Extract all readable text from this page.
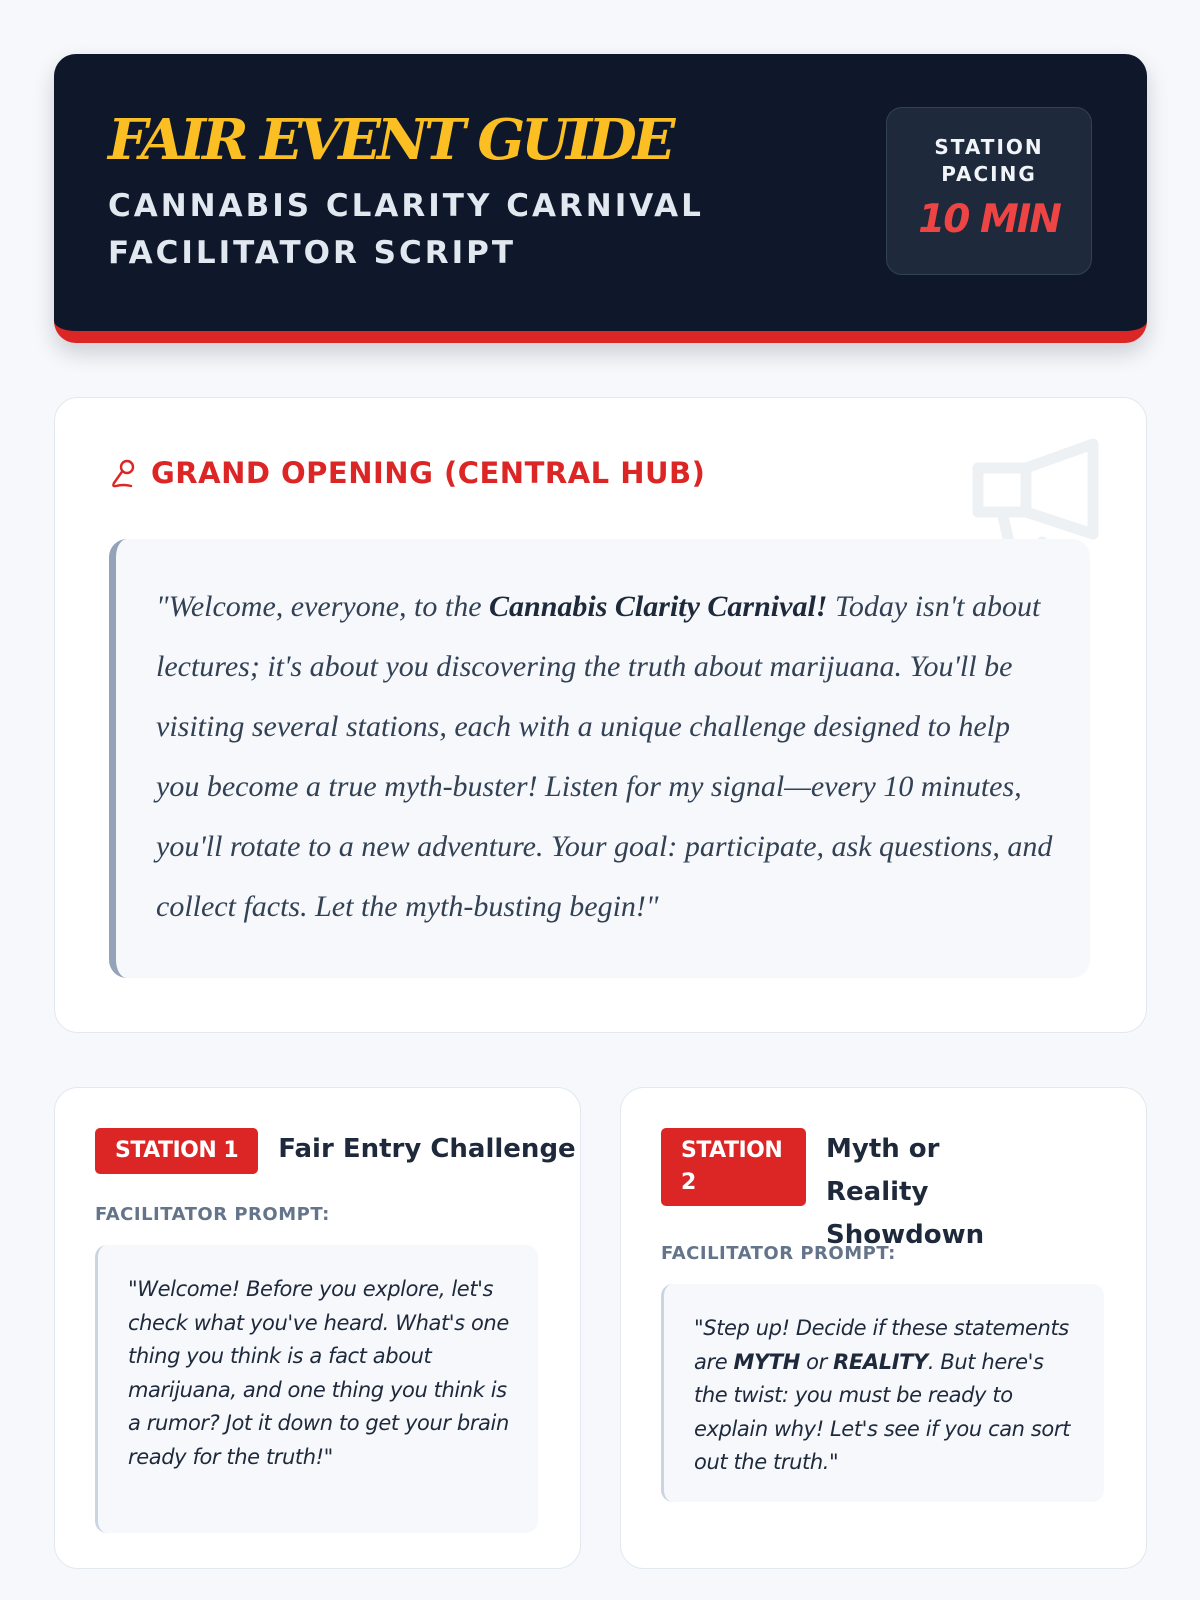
FAIR EVENT GUIDE
CANNABIS CLARITY CARNIVAL
FACILITATOR SCRIPT
STATION
PACING
10 MIN
GRAND OPENING (CENTRAL HUB)

"Welcome, everyone, to the Cannabis Clarity Carnival! Today isn't about lectures; it's about you discovering the truth about marijuana. You'll be visiting several stations, each with a unique challenge designed to help you become a true myth-buster! Listen for my signal—every 10 minutes, you'll rotate to a new adventure. Your goal: participate, ask questions, and collect facts. Let the myth-busting begin!"

STATION 1	Fair Entry Challenge
FACILITATOR PROMPT:

"Welcome! Before you explore, let's check what you've heard. What's one thing you think is a fact about marijuana, and one thing you think is a rumor? Jot it down to get your brain ready for the truth!"

STATION 2
Myth or Reality Showdown
FACILITATOR PROMPT:

"Step up! Decide if these statements are MYTH or REALITY. But here's the twist: you must be ready to explain why! Let's see if you can sort out the truth."
